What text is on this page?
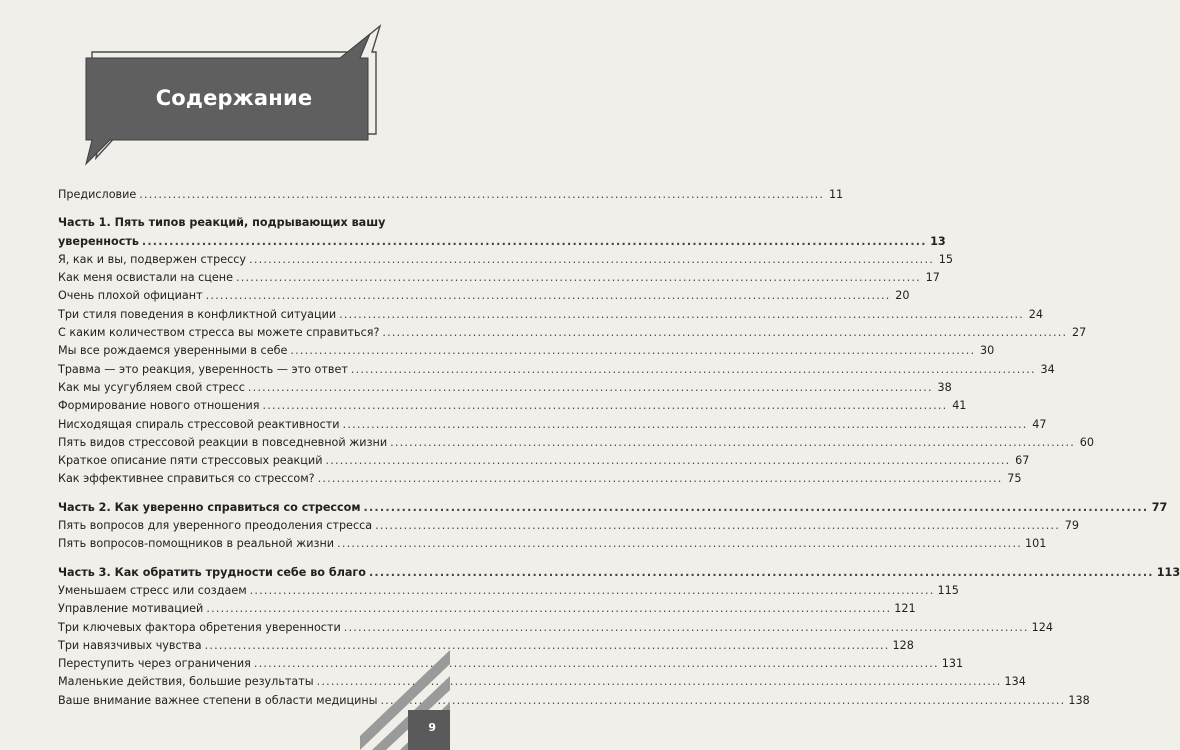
Содержание
Предисловие .....	11
Часть 1. Пять типов реакций, подрывающих вашу
уверенность .....	13
Я, как и вы, подвержен стрессу .....	15
Как меня освистали на сцене .....	17
Очень плохой официант .....	20
Три стиля поведения в конфликтной ситуации .....	24
С каким количеством стресса вы можете справиться? .....	27
Мы все рождаемся уверенными в себе .....	30
Травма — это реакция, уверенность — это ответ .....	34
Как мы усугубляем свой стресс .....	38
Формирование нового отношения .....	41
Нисходящая спираль стрессовой реактивности .....	47
Пять видов стрессовой реакции в повседневной жизни .....	60
Краткое описание пяти стрессовых реакций .....	67
Как эффективнее справиться со стрессом? .....	75
Часть 2. Как уверенно справиться со стрессом .....	77
Пять вопросов для уверенного преодоления стресса .....	79
Пять вопросов-помощников в реальной жизни .....	101
Часть 3. Как обратить трудности себе во благо .....	113
Уменьшаем стресс или создаем .....	115
Управление мотивацией .....	121
Три ключевых фактора обретения уверенности .....	124
Три навязчивых чувства .....	128
Переступить через ограничения .....	131
Маленькие действия, большие результаты .....	134
Ваше внимание важнее степени в области медицины .....	138
9
